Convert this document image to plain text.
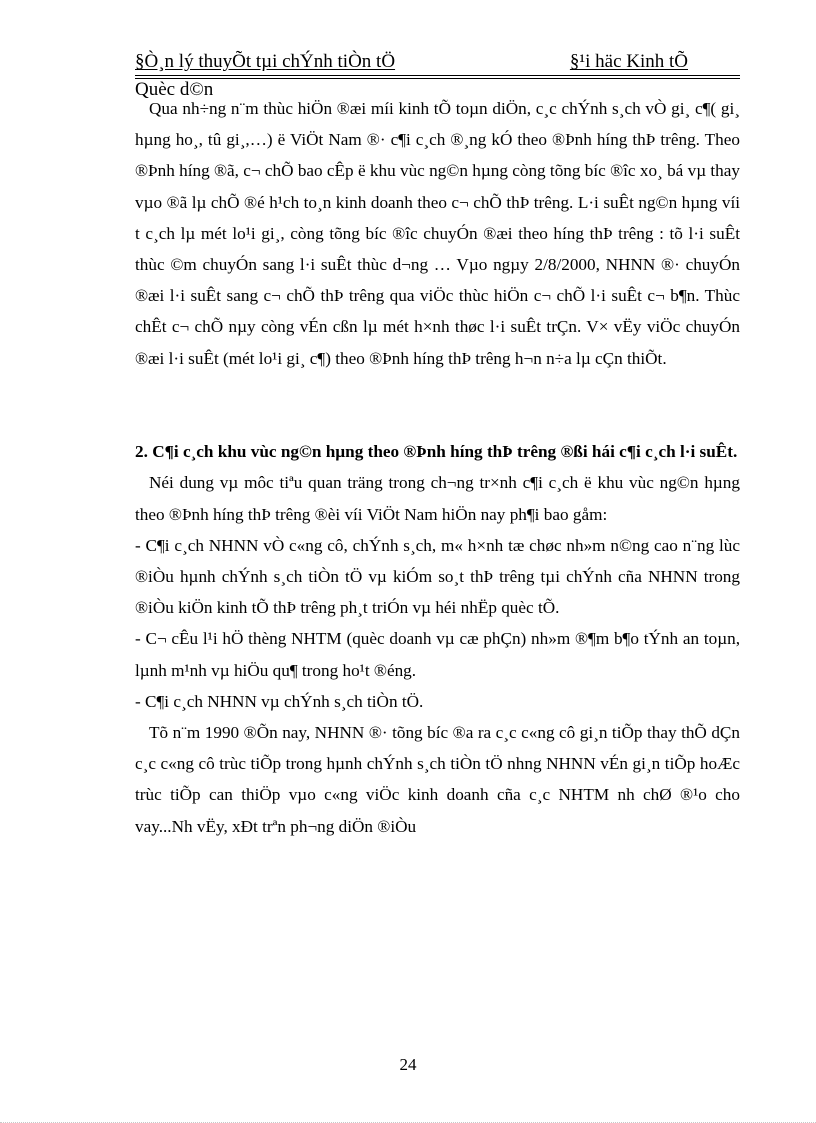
§Ò¸n lý thuyÕt tµi chÝnh tiÒn tÖ	§¹i häc Kinh tÕ
Quèc d©n

Qua nh÷ng n¨m thùc hiÖn ®æi míi kinh tÕ toµn diÖn, c¸c chÝnh s¸ch vÒ gi¸ c¶( gi¸ hµng ho¸, tû gi¸,…) ë ViÖt Nam ®· c¶i c¸ch ®¸ng kÓ theo ®Þnh híng thÞ trêng. Theo ®Þnh híng ®ã, c¬ chÕ bao cÊp ë khu vùc ng©n hµng còng tõng bíc ®îc xo¸ bá vµ thay vµo ®ã lµ chÕ ®é h¹ch to¸n kinh doanh theo c¬ chÕ thÞ trêng. L·i suÊt ng©n hµng víi t c¸ch lµ mét lo¹i gi¸, còng tõng bíc ®îc chuyÓn ®æi theo híng thÞ trêng : tõ l·i suÊt thùc ©m chuyÓn sang l·i suÊt thùc d¬ng … Vµo ngµy 2/8/2000, NHNN ®· chuyÓn ®æi l·i suÊt sang c¬ chÕ thÞ trêng qua viÖc thùc hiÖn c¬ chÕ l·i suÊt c¬ b¶n. Thùc chÊt c¬ chÕ nµy còng vÉn cßn lµ mét h×nh thøc l·i suÊt trÇn. V× vËy viÖc chuyÓn ®æi l·i suÊt (mét lo¹i gi¸ c¶) theo ®Þnh híng thÞ trêng h¬n n÷a lµ cÇn thiÕt.

2. C¶i c¸ch khu vùc ng©n hµng theo ®Þnh híng thÞ trêng ®ßi hái c¶i c¸ch l·i suÊt.

Néi dung vµ môc tiªu quan träng trong ch¬ng tr×nh c¶i c¸ch ë khu vùc ng©n hµng theo ®Þnh híng thÞ trêng ®èi víi ViÖt Nam hiÖn nay ph¶i bao gåm:

- C¶i c¸ch NHNN vÒ c«ng cô, chÝnh s¸ch, m« h×nh tæ chøc nh»m n©ng cao n¨ng lùc ®iÒu hµnh chÝnh s¸ch tiÒn tÖ vµ kiÓm so¸t thÞ trêng tµi chÝnh cña NHNN trong ®iÒu kiÖn kinh tÕ thÞ trêng ph¸t triÓn vµ héi nhËp quèc tÕ.

- C¬ cÊu l¹i hÖ thèng NHTM (quèc doanh vµ cæ phÇn) nh»m ®¶m b¶o tÝnh an toµn, lµnh m¹nh vµ hiÖu qu¶ trong ho¹t ®éng.

- C¶i c¸ch NHNN vµ chÝnh s¸ch tiÒn tÖ.

Tõ n¨m 1990 ®Õn nay, NHNN ®· tõng bíc ®a ra c¸c c«ng cô gi¸n tiÕp thay thÕ dÇn c¸c c«ng cô trùc tiÕp trong hµnh chÝnh s¸ch tiÒn tÖ nhng NHNN vÉn gi¸n tiÕp hoÆc trùc tiÕp can thiÖp vµo c«ng viÖc kinh doanh cña c¸c NHTM nh chØ ®¹o cho vay...Nh vËy, xÐt trªn ph¬ng diÖn ®iÒu

24
